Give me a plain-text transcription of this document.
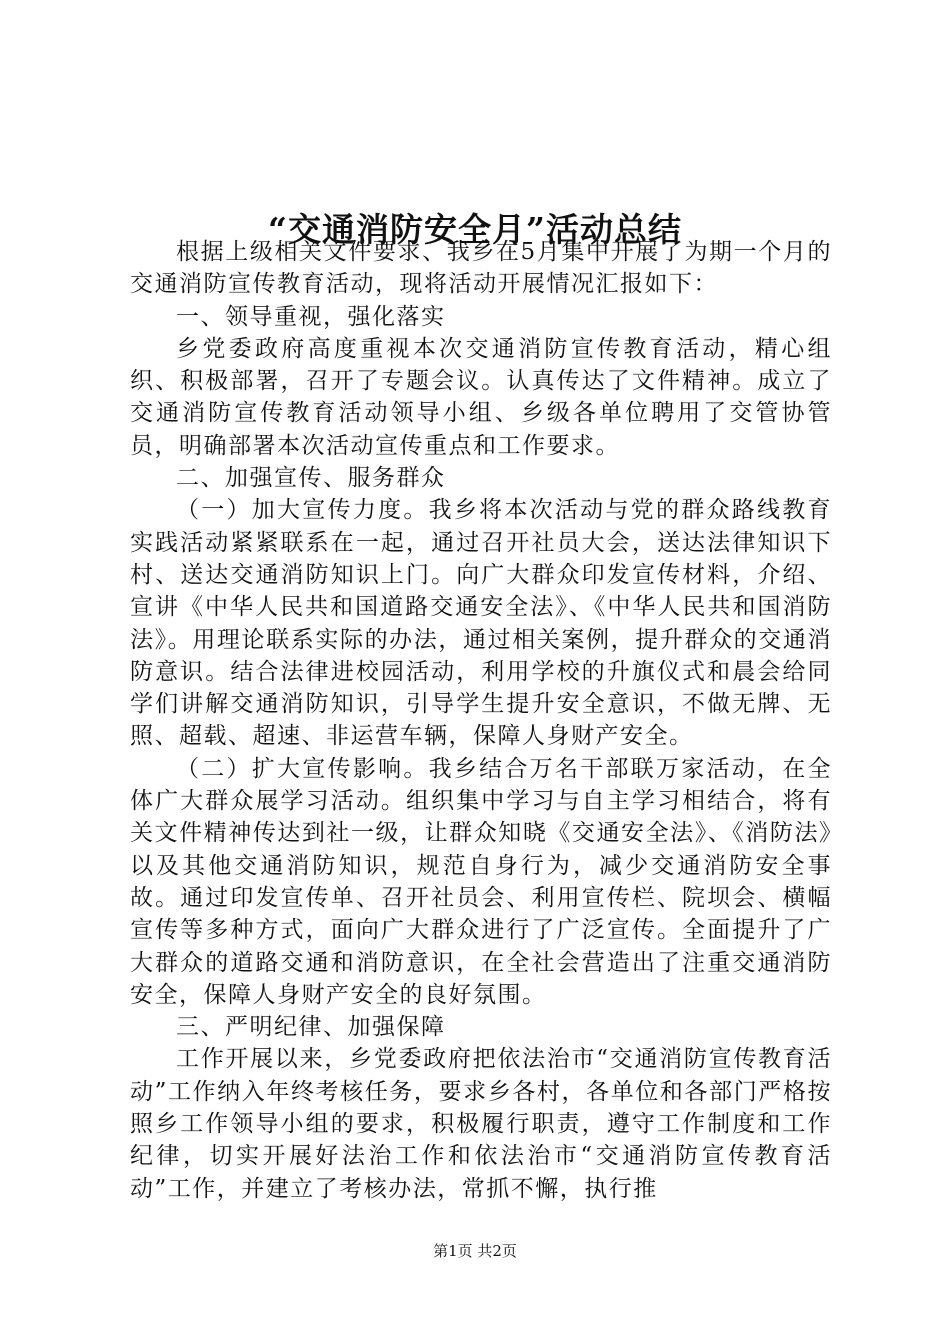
“交通消防安全月”活动总结

根据上级相关文件要求、我乡在5月集中开展了为期一个月的交通消防宣传教育活动，现将活动开展情况汇报如下：

一、领导重视，强化落实

乡党委政府高度重视本次交通消防宣传教育活动，精心组织、积极部署，召开了专题会议。认真传达了文件精神。成立了交通消防宣传教育活动领导小组、乡级各单位聘用了交管协管员，明确部署本次活动宣传重点和工作要求。

二、加强宣传、服务群众

（一）加大宣传力度。我乡将本次活动与党的群众路线教育实践活动紧紧联系在一起，通过召开社员大会，送达法律知识下村、送达交通消防知识上门。向广大群众印发宣传材料，介绍、宣讲《中华人民共和国道路交通安全法》、《中华人民共和国消防法》。用理论联系实际的办法，通过相关案例，提升群众的交通消防意识。结合法律进校园活动，利用学校的升旗仪式和晨会给同学们讲解交通消防知识，引导学生提升安全意识，不做无牌、无照、超载、超速、非运营车辆，保障人身财产安全。

（二）扩大宣传影响。我乡结合万名干部联万家活动，在全体广大群众展学习活动。组织集中学习与自主学习相结合，将有关文件精神传达到社一级，让群众知晓《交通安全法》、《消防法》以及其他交通消防知识，规范自身行为，减少交通消防安全事故。通过印发宣传单、召开社员会、利用宣传栏、院坝会、横幅宣传等多种方式，面向广大群众进行了广泛宣传。全面提升了广大群众的道路交通和消防意识，在全社会营造出了注重交通消防安全，保障人身财产安全的良好氛围。

三、严明纪律、加强保障

工作开展以来，乡党委政府把依法治市“交通消防宣传教育活动”工作纳入年终考核任务，要求乡各村，各单位和各部门严格按照乡工作领导小组的要求，积极履行职责，遵守工作制度和工作纪律，切实开展好法治工作和依法治市“交通消防宣传教育活动”工作，并建立了考核办法，常抓不懈，执行推

第1页 共2页
